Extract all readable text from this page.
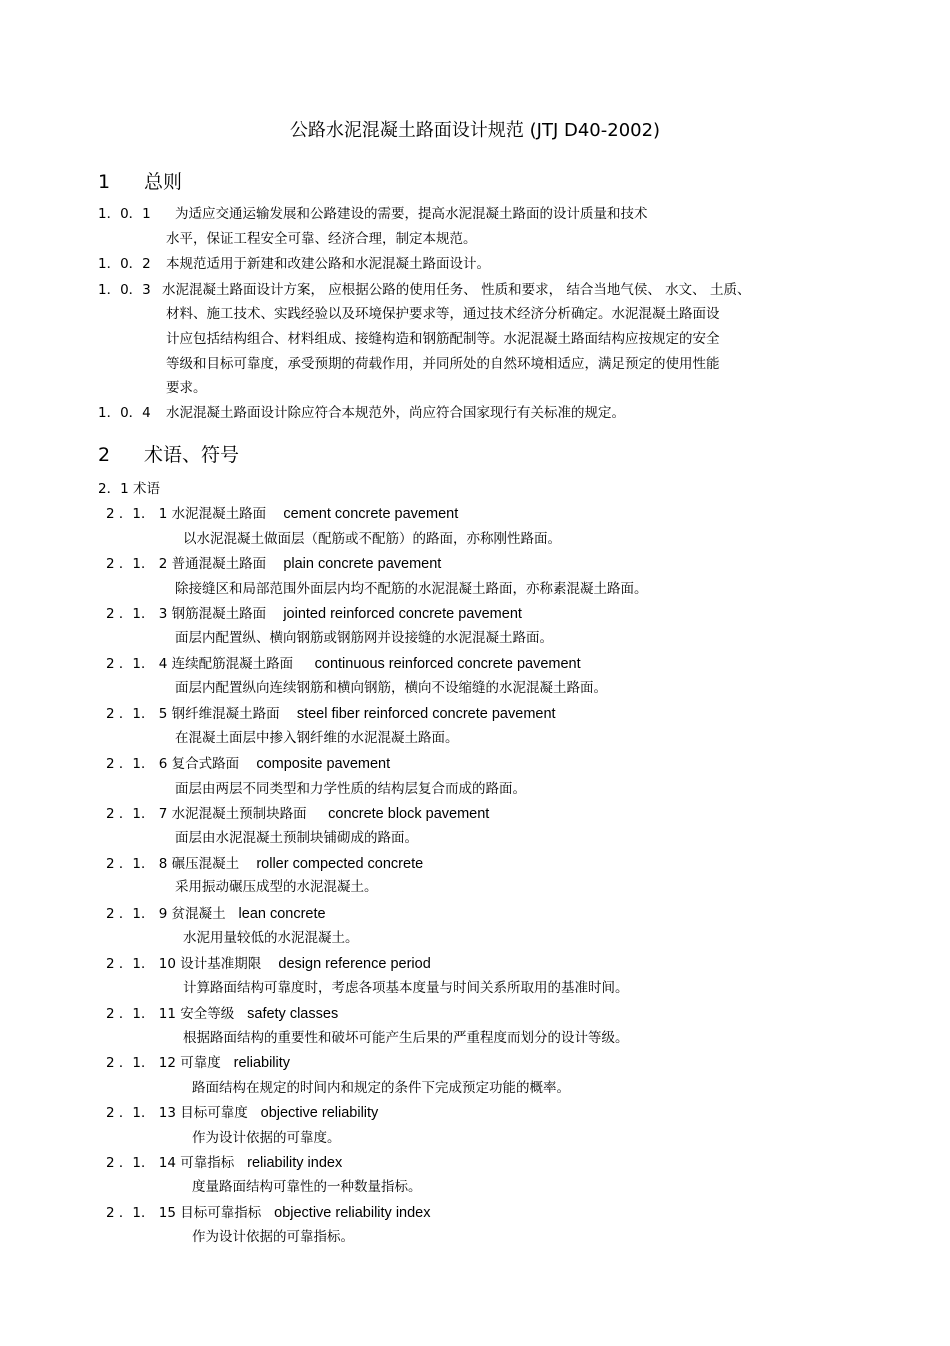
公路水泥混凝土路面设计规范 (JTJ D40-2002)
1 总则
1．0．1 为适应交通运输发展和公路建设的需要，提高水泥混凝土路面的设计质量和技术
水平，保证工程安全可靠、经济合理，制定本规范。
1．0．2 本规范适用于新建和改建公路和水泥混凝土路面设计。
1．0．3 水泥混凝土路面设计方案， 应根据公路的使用任务、 性质和要求， 结合当地气侯、 水文、 土质、
材料、施工技术、实践经验以及环境保护要求等，通过技术经济分析确定。水泥混凝土路面设
计应包括结构组合、材料组成、接缝构造和钢筋配制等。水泥混凝土路面结构应按规定的安全
等级和目标可靠度，承受预期的荷载作用，并同所处的自然环境相适应，满足预定的使用性能
要求。
1．0．4 水泥混凝土路面设计除应符合本规范外，尚应符合国家现行有关标准的规定。
2 术语、符号
2．1 术语
2 ．1． 1 水泥混凝土路面 cement concrete pavement
以水泥混凝土做面层（配筋或不配筋）的路面，亦称刚性路面。
2 ．1． 2 普通混凝土路面 plain concrete pavement
除接缝区和局部范围外面层内均不配筋的水泥混凝土路面，亦称素混凝土路面。
2 ．1． 3 钢筋混凝土路面 jointed reinforced concrete pavement
面层内配置纵、横向钢筋或钢筋网并设接缝的水泥混凝土路面。
2 ．1． 4 连续配筋混凝土路面 continuous reinforced concrete pavement
面层内配置纵向连续钢筋和横向钢筋，横向不设缩缝的水泥混凝土路面。
2 ．1． 5 钢纤维混凝土路面 steel fiber reinforced concrete pavement
在混凝土面层中掺入钢纤维的水泥混凝土路面。
2 ．1． 6 复合式路面 composite pavement
面层由两层不同类型和力学性质的结构层复合而成的路面。
2 ．1． 7 水泥混凝土预制块路面 concrete block pavement
面层由水泥混凝土预制块铺砌成的路面。
2 ．1． 8 碾压混凝土 roller compected concrete
采用振动碾压成型的水泥混凝土。
2 ．1． 9 贫混凝土 lean concrete
水泥用量较低的水泥混凝土。
2 ．1． 10 设计基准期限 design reference period
计算路面结构可靠度时，考虑各项基本度量与时间关系所取用的基准时间。
2 ．1． 11 安全等级 safety classes
根据路面结构的重要性和破坏可能产生后果的严重程度而划分的设计等级。
2 ．1． 12 可靠度 reliability
路面结构在规定的时间内和规定的条件下完成预定功能的概率。
2 ．1． 13 目标可靠度 objective reliability
作为设计依据的可靠度。
2 ．1． 14 可靠指标 reliability index
度量路面结构可靠性的一种数量指标。
2 ．1． 15 目标可靠指标 objective reliability index
作为设计依据的可靠指标。
